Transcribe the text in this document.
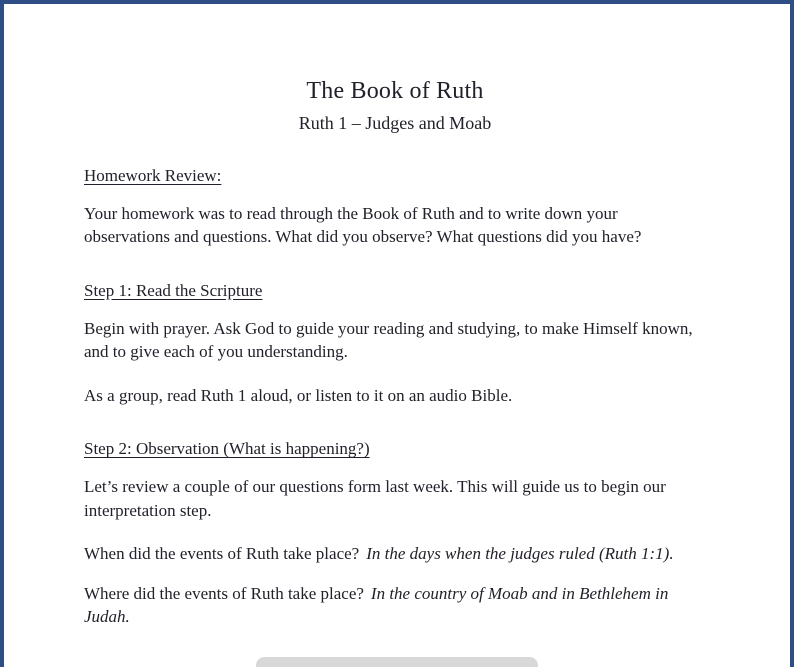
The Book of Ruth
Ruth 1 – Judges and Moab
Homework Review:

Your homework was to read through the Book of Ruth and to write down your observations and questions. What did you observe? What questions did you have?

Step 1: Read the Scripture

Begin with prayer. Ask God to guide your reading and studying, to make Himself known, and to give each of you understanding.

As a group, read Ruth 1 aloud, or listen to it on an audio Bible.

Step 2: Observation (What is happening?)

Let’s review a couple of our questions form last week. This will guide us to begin our interpretation step.

When did the events of Ruth take place? In the days when the judges ruled (Ruth 1:1).

Where did the events of Ruth take place? In the country of Moab and in Bethlehem in Judah.
